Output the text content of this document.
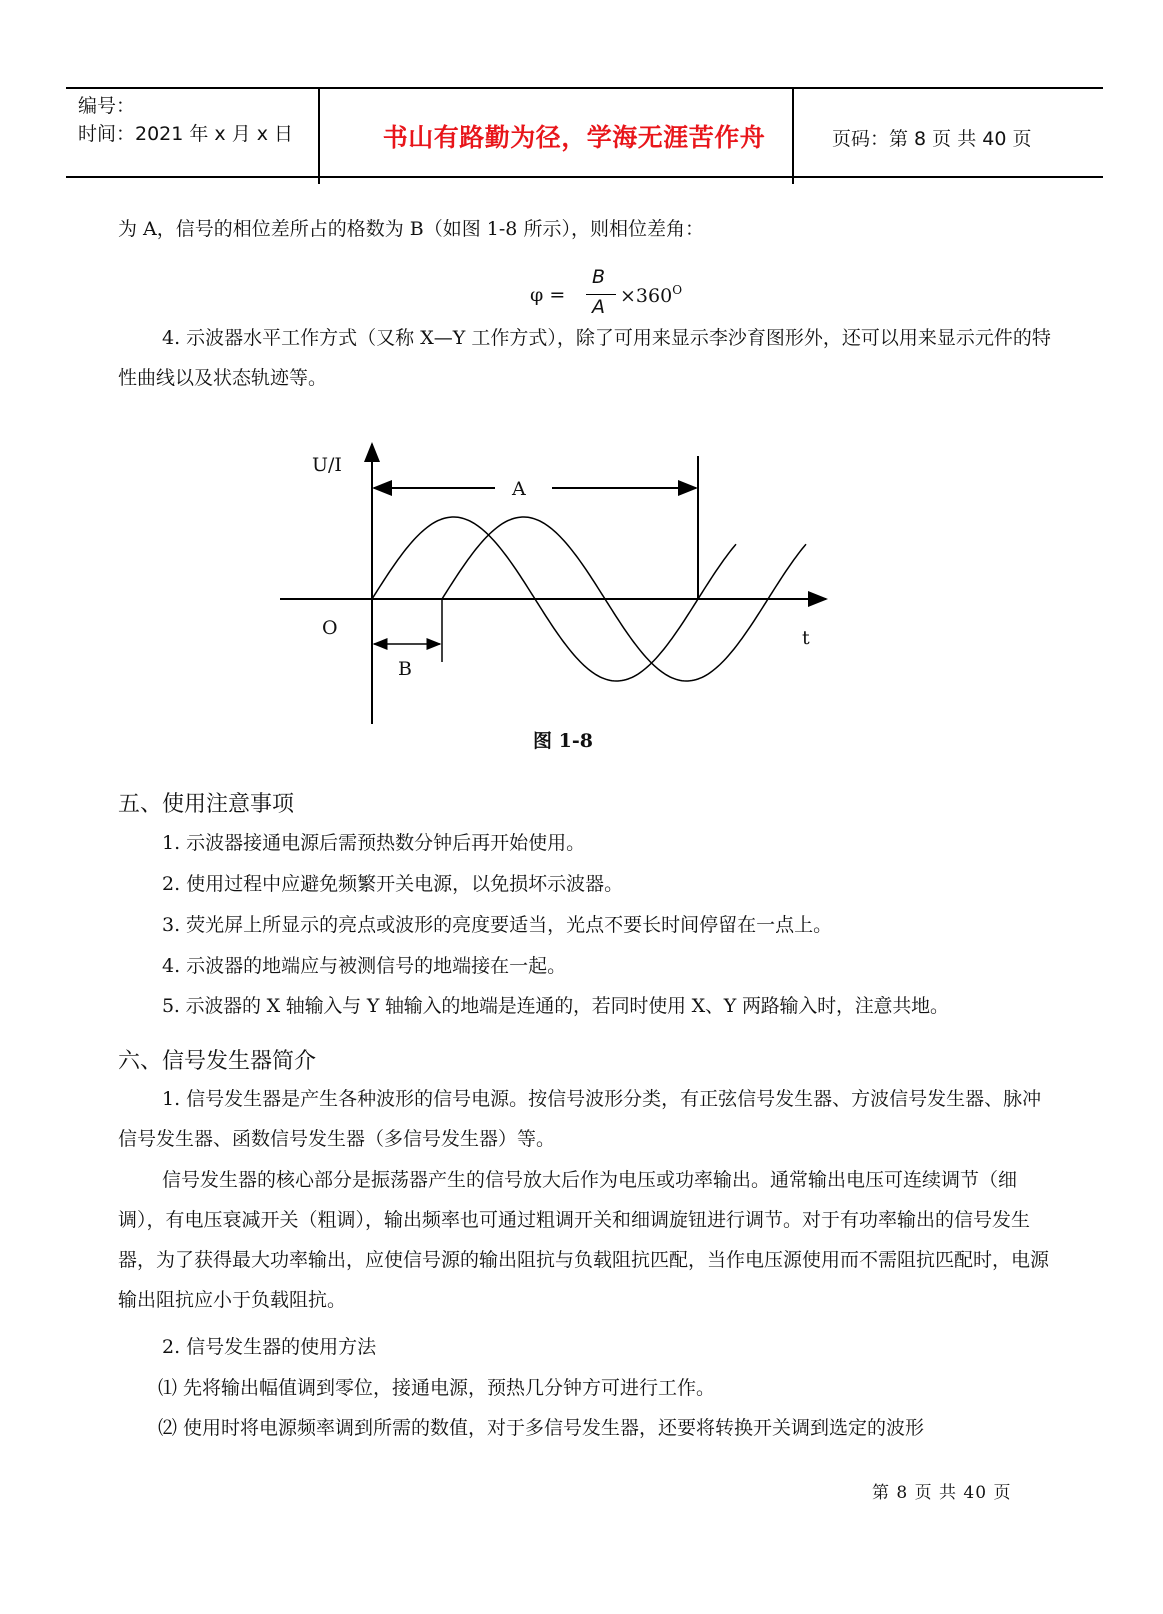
编号：
时间：2021 年 x 月 x 日	书山有路勤为径，学海无涯苦作舟	页码：第 8 页 共 40 页
为 A，信号的相位差所占的格数为 B（如图 1-8 所示），则相位差角：
φ =
B
$A \times 360^O$
4. 示波器水平工作方式（又称 X—Y 工作方式），除了可用来显示李沙育图形外，还可以用来显示元件的特性曲线以及状态轨迹等。
U/I
t
O
A
B
图 1-8
五、使用注意事项
1. 示波器接通电源后需预热数分钟后再开始使用。
2. 使用过程中应避免频繁开关电源，以免损坏示波器。
3. 荧光屏上所显示的亮点或波形的亮度要适当，光点不要长时间停留在一点上。
4. 示波器的地端应与被测信号的地端接在一起。
5. 示波器的 X 轴输入与 Y 轴输入的地端是连通的，若同时使用 X、Y 两路输入时，注意共地。
六、信号发生器简介
1. 信号发生器是产生各种波形的信号电源。按信号波形分类，有正弦信号发生器、方波信号发生器、脉冲信号发生器、函数信号发生器（多信号发生器）等。
信号发生器的核心部分是振荡器产生的信号放大后作为电压或功率输出。通常输出电压可连续调节（细调），有电压衰减开关（粗调），输出频率也可通过粗调开关和细调旋钮进行调节。对于有功率输出的信号发生器，为了获得最大功率输出，应使信号源的输出阻抗与负载阻抗匹配，当作电压源使用而不需阻抗匹配时，电源输出阻抗应小于负载阻抗。
2. 信号发生器的使用方法
⑴ 先将输出幅值调到零位，接通电源，预热几分钟方可进行工作。
⑵ 使用时将电源频率调到所需的数值，对于多信号发生器，还要将转换开关调到选定的波形
第 8 页 共 40 页
